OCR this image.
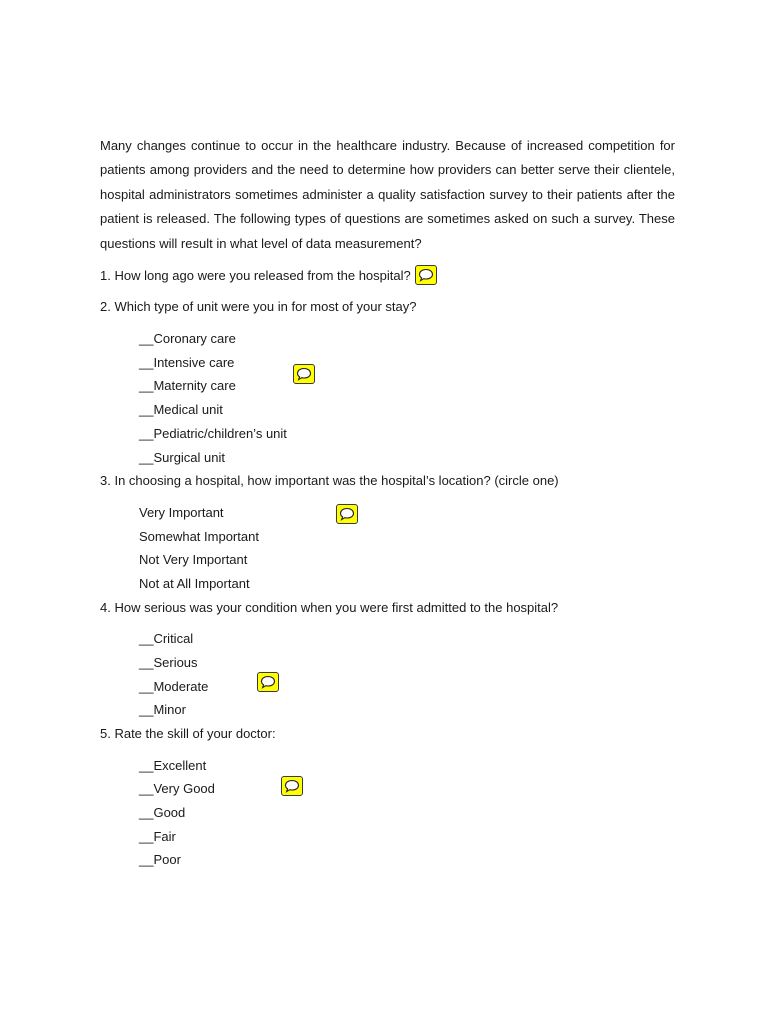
Many changes continue to occur in the healthcare industry. Because of increased competition for patients among providers and the need to determine how providers can better serve their clientele, hospital administrators sometimes administer a quality satisfaction survey to their patients after the patient is released. The following types of questions are sometimes asked on such a survey. These questions will result in what level of data measurement?

1. How long ago were you released from the hospital?
2. Which type of unit were you in for most of your stay?
__Coronary care
__Intensive care
__Maternity care
__Medical unit
__Pediatric/children’s unit
__Surgical unit
3. In choosing a hospital, how important was the hospital’s location? (circle one)
Very Important
Somewhat Important
Not Very Important
Not at All Important
4. How serious was your condition when you were first admitted to the hospital?
__Critical
__Serious
__Moderate
__Minor
5. Rate the skill of your doctor:
__Excellent
__Very Good
__Good
__Fair
__Poor
